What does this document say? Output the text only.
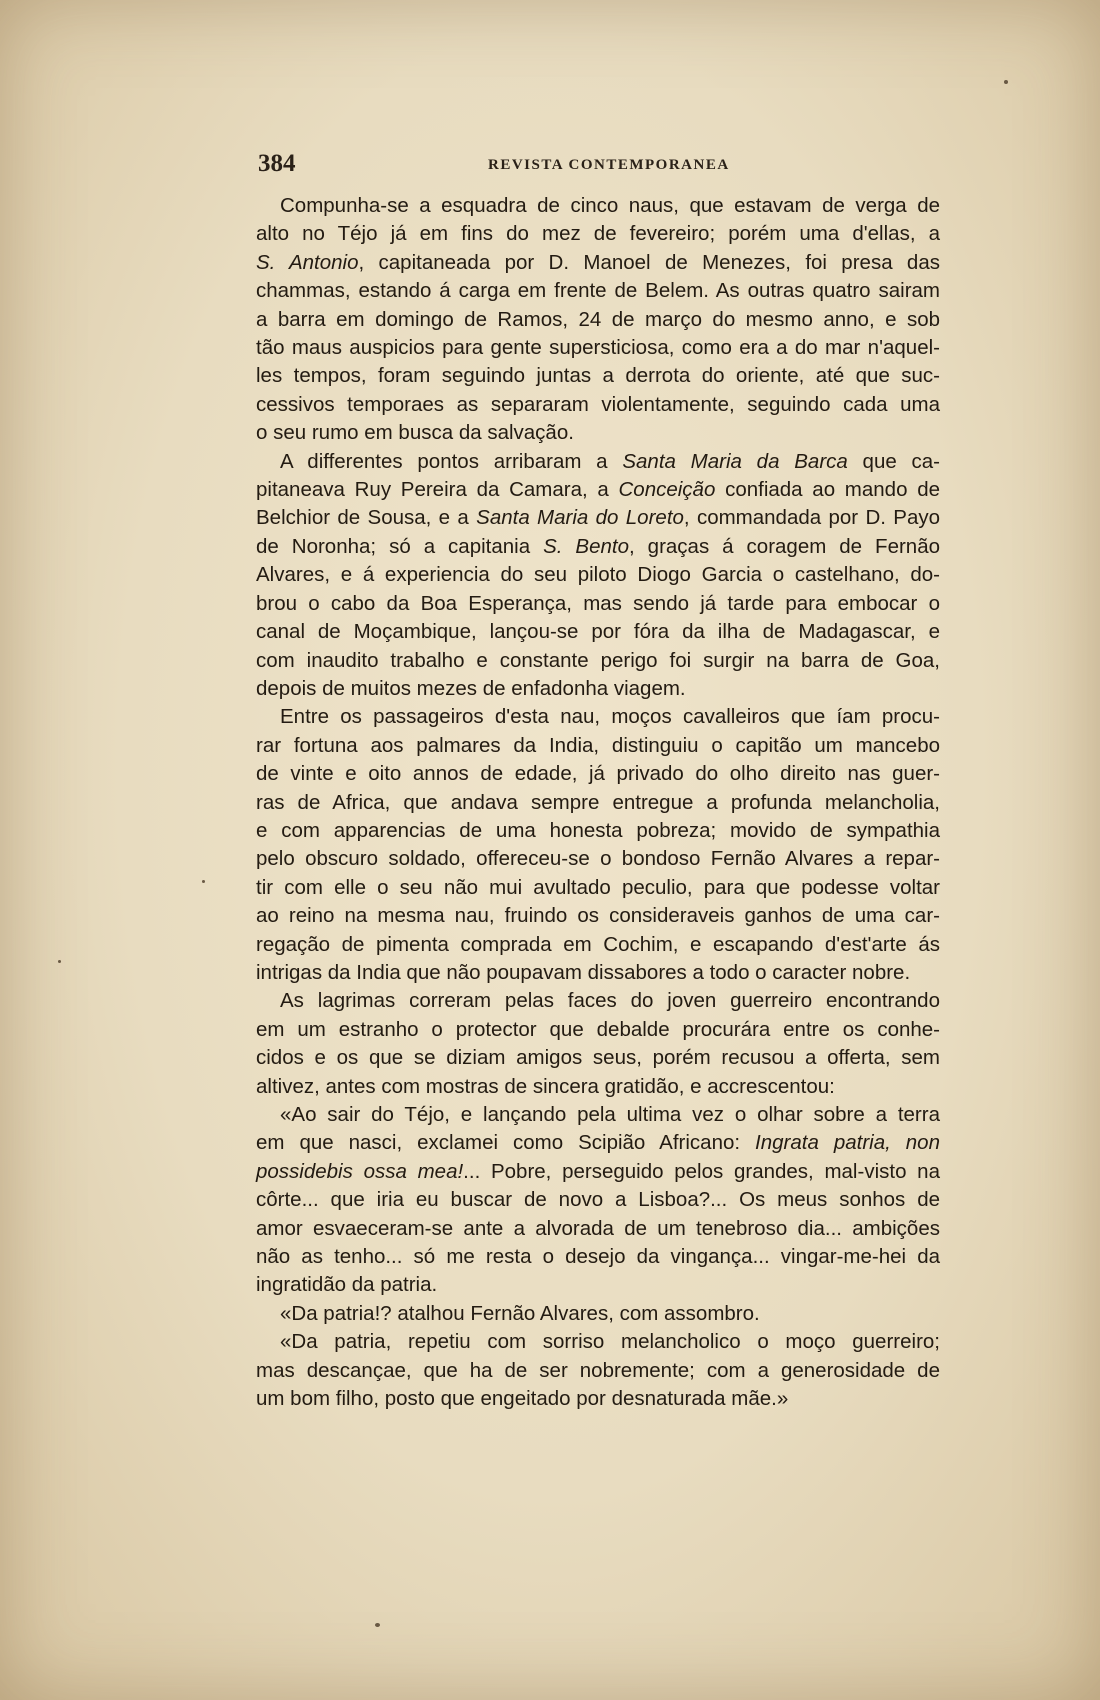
384	REVISTA CONTEMPORANEA
Compunha-se a esquadra de cinco naus, que estavam de verga de
alto no Téjo já em fins do mez de fevereiro; porém uma d'ellas, a
S. Antonio, capitaneada por D. Manoel de Menezes, foi presa das
chammas, estando á carga em frente de Belem. As outras quatro sairam
a barra em domingo de Ramos, 24 de março do mesmo anno, e sob
tão maus auspicios para gente supersticiosa, como era a do mar n'aquel-
les tempos, foram seguindo juntas a derrota do oriente, até que suc-
cessivos temporaes as separaram violentamente, seguindo cada uma
o seu rumo em busca da salvação.
A differentes pontos arribaram a Santa Maria da Barca que ca-
pitaneava Ruy Pereira da Camara, a Conceição confiada ao mando de
Belchior de Sousa, e a Santa Maria do Loreto, commandada por D. Payo
de Noronha; só a capitania S. Bento, graças á coragem de Fernão
Alvares, e á experiencia do seu piloto Diogo Garcia o castelhano, do-
brou o cabo da Boa Esperança, mas sendo já tarde para embocar o
canal de Moçambique, lançou-se por fóra da ilha de Madagascar, e
com inaudito trabalho e constante perigo foi surgir na barra de Goa,
depois de muitos mezes de enfadonha viagem.
Entre os passageiros d'esta nau, moços cavalleiros que íam procu-
rar fortuna aos palmares da India, distinguiu o capitão um mancebo
de vinte e oito annos de edade, já privado do olho direito nas guer-
ras de Africa, que andava sempre entregue a profunda melancholia,
e com apparencias de uma honesta pobreza; movido de sympathia
pelo obscuro soldado, offereceu-se o bondoso Fernão Alvares a repar-
tir com elle o seu não mui avultado peculio, para que podesse voltar
ao reino na mesma nau, fruindo os consideraveis ganhos de uma car-
regação de pimenta comprada em Cochim, e escapando d'est'arte ás
intrigas da India que não poupavam dissabores a todo o caracter nobre.
As lagrimas correram pelas faces do joven guerreiro encontrando
em um estranho o protector que debalde procurára entre os conhe-
cidos e os que se diziam amigos seus, porém recusou a offerta, sem
altivez, antes com mostras de sincera gratidão, e accrescentou:
«Ao sair do Téjo, e lançando pela ultima vez o olhar sobre a terra
em que nasci, exclamei como Scipião Africano: Ingrata patria, non
possidebis ossa mea!... Pobre, perseguido pelos grandes, mal-visto na
côrte... que iria eu buscar de novo a Lisboa?... Os meus sonhos de
amor esvaeceram-se ante a alvorada de um tenebroso dia... ambições
não as tenho... só me resta o desejo da vingança... vingar-me-hei da
ingratidão da patria.
«Da patria!? atalhou Fernão Alvares, com assombro.
«Da patria, repetiu com sorriso melancholico o moço guerreiro;
mas descançae, que ha de ser nobremente; com a generosidade de
um bom filho, posto que engeitado por desnaturada mãe.»
